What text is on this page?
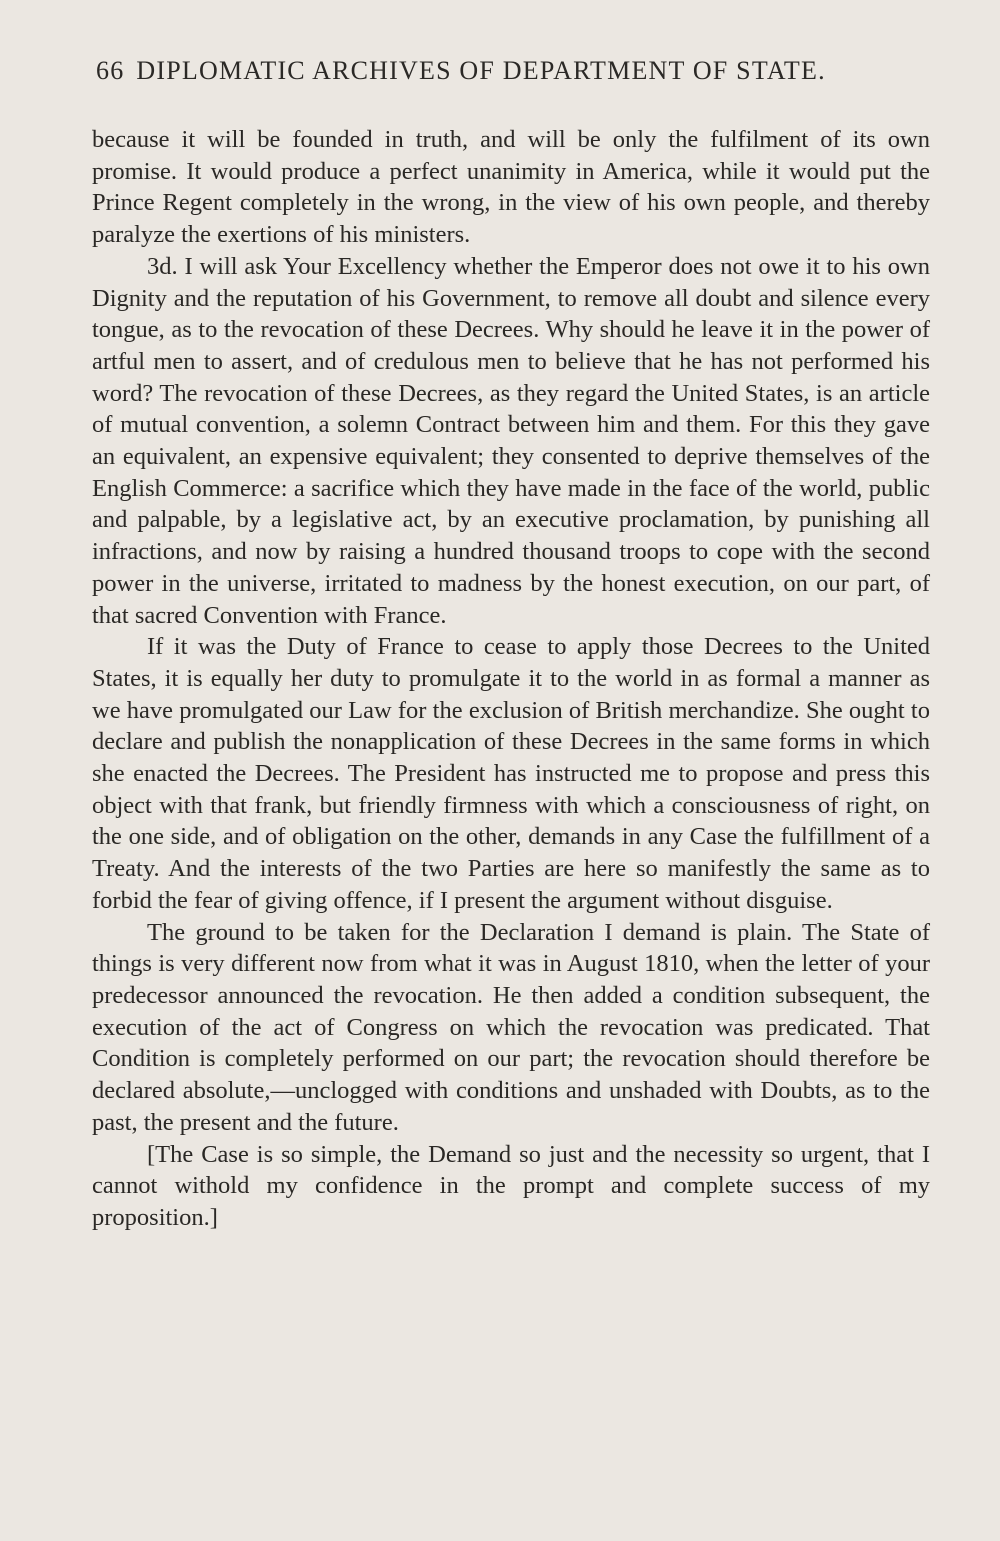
66 DIPLOMATIC ARCHIVES OF DEPARTMENT OF STATE.

because it will be founded in truth, and will be only the fulfilment of its own promise. It would produce a perfect unanimity in America, while it would put the Prince Regent completely in the wrong, in the view of his own people, and thereby paralyze the exertions of his ministers.

3d. I will ask Your Excellency whether the Emperor does not owe it to his own Dignity and the reputation of his Government, to remove all doubt and silence every tongue, as to the revocation of these Decrees. Why should he leave it in the power of artful men to assert, and of credulous men to believe that he has not performed his word? The revocation of these Decrees, as they regard the United States, is an article of mutual convention, a solemn Contract between him and them. For this they gave an equivalent, an expensive equivalent; they consented to deprive themselves of the English Commerce: a sacrifice which they have made in the face of the world, public and palpable, by a legislative act, by an executive proclamation, by punishing all infractions, and now by raising a hundred thousand troops to cope with the second power in the universe, irritated to madness by the honest execution, on our part, of that sacred Convention with France.

If it was the Duty of France to cease to apply those Decrees to the United States, it is equally her duty to promulgate it to the world in as formal a manner as we have promulgated our Law for the exclusion of British merchandize. She ought to declare and publish the nonapplication of these Decrees in the same forms in which she enacted the Decrees. The President has instructed me to propose and press this object with that frank, but friendly firmness with which a consciousness of right, on the one side, and of obligation on the other, demands in any Case the fulfillment of a Treaty. And the interests of the two Parties are here so manifestly the same as to forbid the fear of giving offence, if I present the argument without disguise.

The ground to be taken for the Declaration I demand is plain. The State of things is very different now from what it was in August 1810, when the letter of your predecessor announced the revocation. He then added a condition subsequent, the execution of the act of Congress on which the revocation was predicated. That Condition is completely performed on our part; the revocation should therefore be declared absolute,—unclogged with conditions and unshaded with Doubts, as to the past, the present and the future.

[The Case is so simple, the Demand so just and the necessity so urgent, that I cannot withold my confidence in the prompt and complete success of my proposition.]
